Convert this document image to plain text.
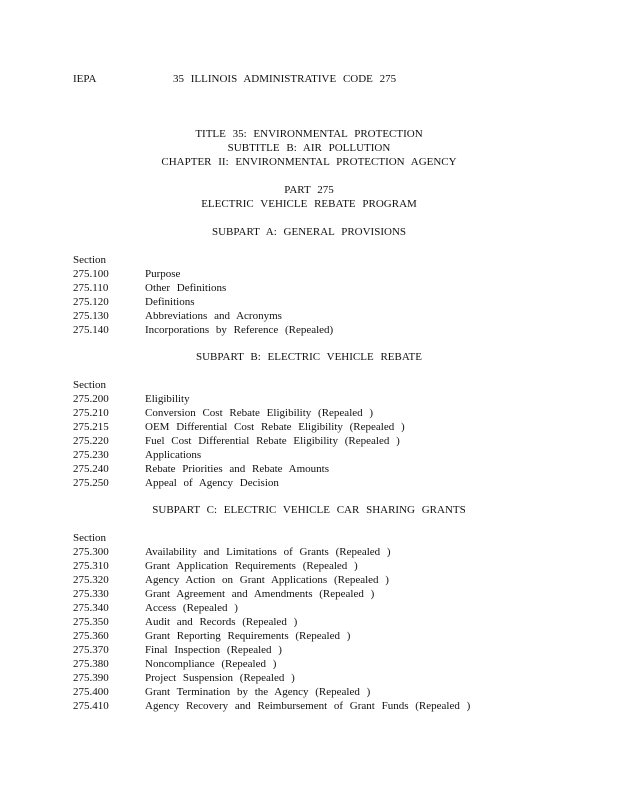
IEPA	35 ILLINOIS ADMINISTRATIVE CODE 275
TITLE 35: ENVIRONMENTAL PROTECTION
SUBTITLE B: AIR POLLUTION
CHAPTER II: ENVIRONMENTAL PROTECTION AGENCY
PART 275
ELECTRIC VEHICLE REBATE PROGRAM
SUBPART A: GENERAL PROVISIONS
Section
275.100	Purpose
275.110	Other Definitions
275.120	Definitions
275.130	Abbreviations and Acronyms
275.140	Incorporations by Reference (Repealed)
SUBPART B: ELECTRIC VEHICLE REBATE
Section
275.200	Eligibility
275.210	Conversion Cost Rebate Eligibility (Repealed )
275.215	OEM Differential Cost Rebate Eligibility (Repealed )
275.220	Fuel Cost Differential Rebate Eligibility (Repealed )
275.230	Applications
275.240	Rebate Priorities and Rebate Amounts
275.250	Appeal of Agency Decision
SUBPART C: ELECTRIC VEHICLE CAR SHARING GRANTS
Section
275.300	Availability and Limitations of Grants (Repealed )
275.310	Grant Application Requirements (Repealed )
275.320	Agency Action on Grant Applications (Repealed )
275.330	Grant Agreement and Amendments (Repealed )
275.340	Access (Repealed )
275.350	Audit and Records (Repealed )
275.360	Grant Reporting Requirements (Repealed )
275.370	Final Inspection (Repealed )
275.380	Noncompliance (Repealed )
275.390	Project Suspension (Repealed )
275.400	Grant Termination by the Agency (Repealed )
275.410	Agency Recovery and Reimbursement of Grant Funds (Repealed )
